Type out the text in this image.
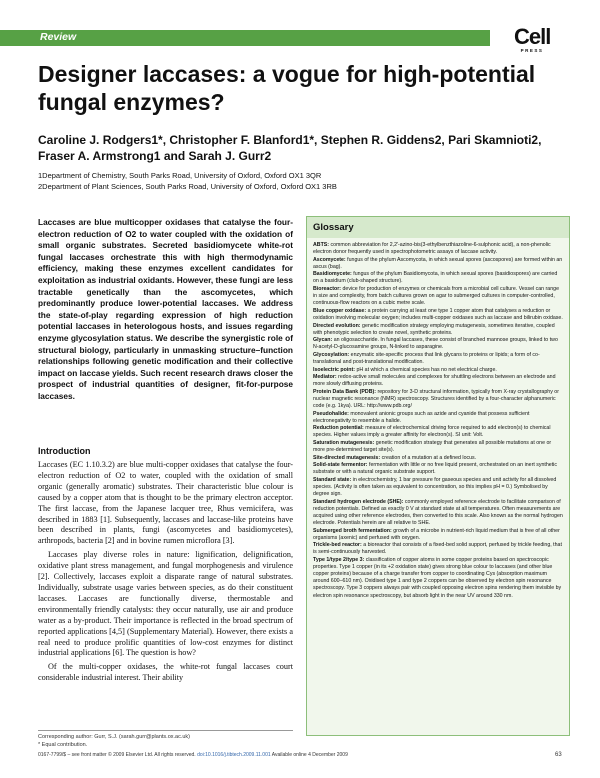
Review	Cell
PRESS
Designer laccases: a vogue for high-potential fungal enzymes?
Caroline J. Rodgers1*, Christopher F. Blanford1*, Stephen R. Giddens2, Pari Skamnioti2, Fraser A. Armstrong1 and Sarah J. Gurr2
1Department of Chemistry, South Parks Road, University of Oxford, Oxford OX1 3QR
2Department of Plant Sciences, South Parks Road, University of Oxford, Oxford OX1 3RB
Laccases are blue multicopper oxidases that catalyse the four-electron reduction of O2 to water coupled with the oxidation of small organic substrates. Secreted basidiomycete white-rot fungal laccases orchestrate this with high thermodynamic efficiency, making these enzymes excellent candidates for exploitation as industrial oxidants. However, these fungi are less tractable genetically than the ascomycetes, which predominantly produce lower-potential laccases. We address the state-of-play regarding expression of high reduction potential laccases in heterologous hosts, and issues regarding enzyme glycosylation status. We describe the synergistic role of structural biology, particularly in unmasking structure–function relationships following genetic modification and their collective impact on laccase yields. Such recent research draws closer the prospect of industrial quantities of designer, fit-for-purpose laccases.
Introduction

Laccases (EC 1.10.3.2) are blue multi-copper oxidases that catalyse the four-electron reduction of O2 to water, coupled with the oxidation of small organic (generally aromatic) substrates. Their characteristic blue colour is caused by a copper atom that is thought to be the primary electron acceptor. The first laccase, from the Japanese lacquer tree, Rhus vernicifera, was described in 1883 [1]. Subsequently, laccases and laccase-like proteins have been described in plants, fungi (ascomycetes and basidiomycetes), arthropods, bacteria [2] and in bovine rumen microflora [3].

Laccases play diverse roles in nature: lignification, delignification, oxidative plant stress management, and fungal morphogenesis and virulence [2]. Collectively, laccases exploit a disparate range of natural substrates. Individually, substrate usage varies between species, as do their constituent laccases. Laccases are functionally diverse, thermostable and environmentally friendly catalysts: they occur naturally, use air and produce water as a by-product. Their importance is reflected in the broad spectrum of reported applications [4,5] (Supplementary Material). However, there exists a real need to produce prolific quantities of low-cost enzymes for distinct industrial applications [6]. The question is how?

Of the multi-copper oxidases, the white-rot fungal laccases court considerable industrial interest. Their ability

Corresponding author: Gurr, S.J. (sarah.gurr@plants.ox.ac.uk)
* Equal contribution.
Glossary

ABTS: common abbreviation for 2,2'-azino-bis(3-ethylbenzthiazoline-6-sulphonic acid), a non-phenolic electron donor frequently used in spectrophotometric assays of laccase activity.

Ascomycete: fungus of the phylum Ascomycota, in which sexual spores (ascospores) are formed within an ascus (bag).

Basidiomycete: fungus of the phylum Basidiomycota, in which sexual spores (basidiospores) are carried on a basidium (club-shaped structure).

Bioreactor: device for production of enzymes or chemicals from a microbial cell culture. Vessel can range in size and complexity, from batch cultures grown on agar to submerged cultures in computer-controlled, continuous-flow reactors on a cubic metre scale.

Blue copper oxidase: a protein carrying at least one type 1 copper atom that catalyses a reduction or oxidation involving molecular oxygen; includes multi-copper oxidases such as laccase and bilirubin oxidase.

Directed evolution: genetic modification strategy employing mutagenesis, sometimes iterative, coupled with phenotypic selection to create novel, synthetic proteins.

Glycan: an oligosaccharide. In fungal laccases, these consist of branched mannose groups, linked to two N-acetyl-D-glucosamine groups, N-linked to asparagine.

Glycosylation: enzymatic site-specific process that link glycans to proteins or lipids; a form of co-translational and post-translational modification.

Isoelectric point: pH at which a chemical species has no net electrical charge.

Mediator: redox-active small molecules and complexes for shuttling electrons between an electrode and more slowly diffusing proteins.

Protein Data Bank (PDB): repository for 3-D structural information, typically from X-ray crystallography or nuclear magnetic resonance (NMR) spectroscopy. Structures identified by a four-character alphanumeric code (e.g. 1kya). URL: http://www.pdb.org/

Pseudohalide: monovalent anionic groups such as azide and cyanide that possess sufficient electronegativity to resemble a halide.

Reduction potential: measure of electrochemical driving force required to add electron(s) to chemical species. Higher values imply a greater affinity for electron(s). SI unit: Volt.

Saturation mutagenesis: genetic modification strategy that generates all possible mutations at one or more pre-determined target site(s).

Site-directed mutagenesis: creation of a mutation at a defined locus.

Solid-state fermentor: fermentation with little or no free liquid present, orchestrated on an inert synthetic substrate or with a natural organic substrate support.

Standard state: in electrochemistry, 1 bar pressure for gaseous species and unit activity for all dissolved species. (Activity is often taken as equivalent to concentration, so this implies pH = 0.) Symbolised by degree sign.

Standard hydrogen electrode (SHE): commonly employed reference electrode to facilitate comparison of reduction potentials. Defined as exactly 0 V at standard state at all temperatures. Often measurements are acquired using other reference electrodes, then converted to this scale. Also known as the normal hydrogen electrode. Potentials herein are all relative to SHE.

Submerged broth fermentation: growth of a microbe in nutrient-rich liquid medium that is free of all other organisms (axenic) and perfused with oxygen.

Trickle-bed reactor: a bioreactor that consists of a fixed-bed solid support, perfused by trickle feeding, that is semi-continuously harvested.

Type 1/type 2/type 3: classification of copper atoms in some copper proteins based on spectroscopic properties. Type 1 copper (in its +2 oxidation state) gives strong blue colour to laccases (and other blue copper proteins) because of a charge transfer from copper to coordinating Cys (absorption maximum around 600–610 nm). Oxidised type 1 and type 2 coppers can be observed by electron spin resonance spectroscopy. Type 3 coppers always pair with coupled opposing electron spins rendering them invisible by electron spin resonance spectroscopy, but absorb light in the near UV around 330 nm.

0167-7799/$ – see front matter © 2009 Elsevier Ltd. All rights reserved. doi:10.1016/j.tibtech.2009.11.001 Available online 4 December 2009	63
